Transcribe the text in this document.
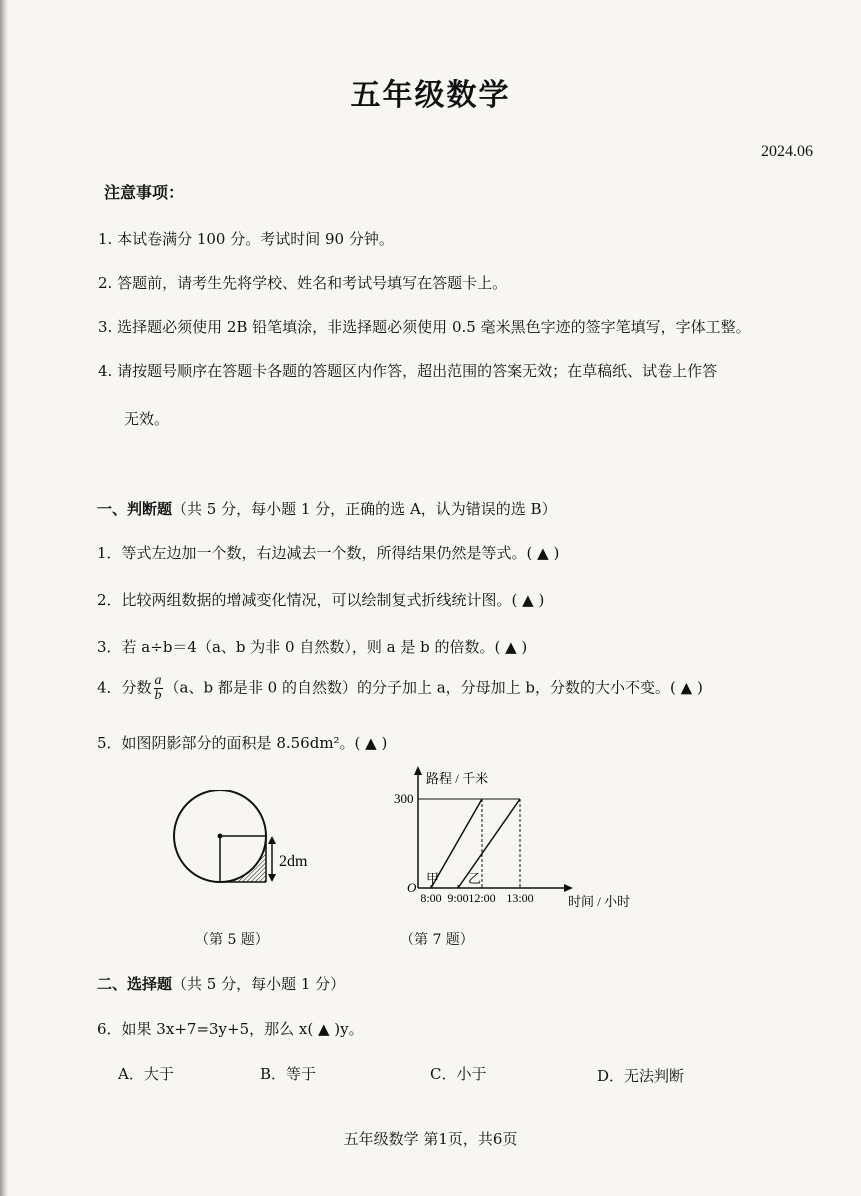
五年级数学
2024.06
注意事项：
1. 本试卷满分 100 分。考试时间 90 分钟。
2. 答题前，请考生先将学校、姓名和考试号填写在答题卡上。
3. 选择题必须使用 2B 铅笔填涂，非选择题必须使用 0.5 毫米黑色字迹的签字笔填写，字体工整。
4. 请按题号顺序在答题卡各题的答题区内作答，超出范围的答案无效；在草稿纸、试卷上作答
无效。
一、判断题（共 5 分，每小题 1 分，正确的选 A，认为错误的选 B）
1．等式左边加一个数，右边减去一个数，所得结果仍然是等式。( ▲ )
2．比较两组数据的增减变化情况，可以绘制复式折线统计图。( ▲ )
3．若 a÷b＝4（a、b 为非 0 自然数），则 a 是 b 的倍数。( ▲ )
4．分数 $\frac{a}{b} (a$、b 都是非 0 的自然数）的分子加上 a，分母加上 b，分数的大小不变。( ▲ )
5．如图阴影部分的面积是 8.56dm²。( ▲ )
2dm
（第 5 题）
路程 / 千米
时间 / 小时
300
O
8:00 9:00 12:00 13:00
甲 乙
（第 7 题）
二、选择题（共 5 分，每小题 1 分）
6．如果 3x+7=3y+5，那么 x( ▲ )y。
A．大于	B．等于	C．小于	D．无法判断
五年级数学 第1页，共6页
